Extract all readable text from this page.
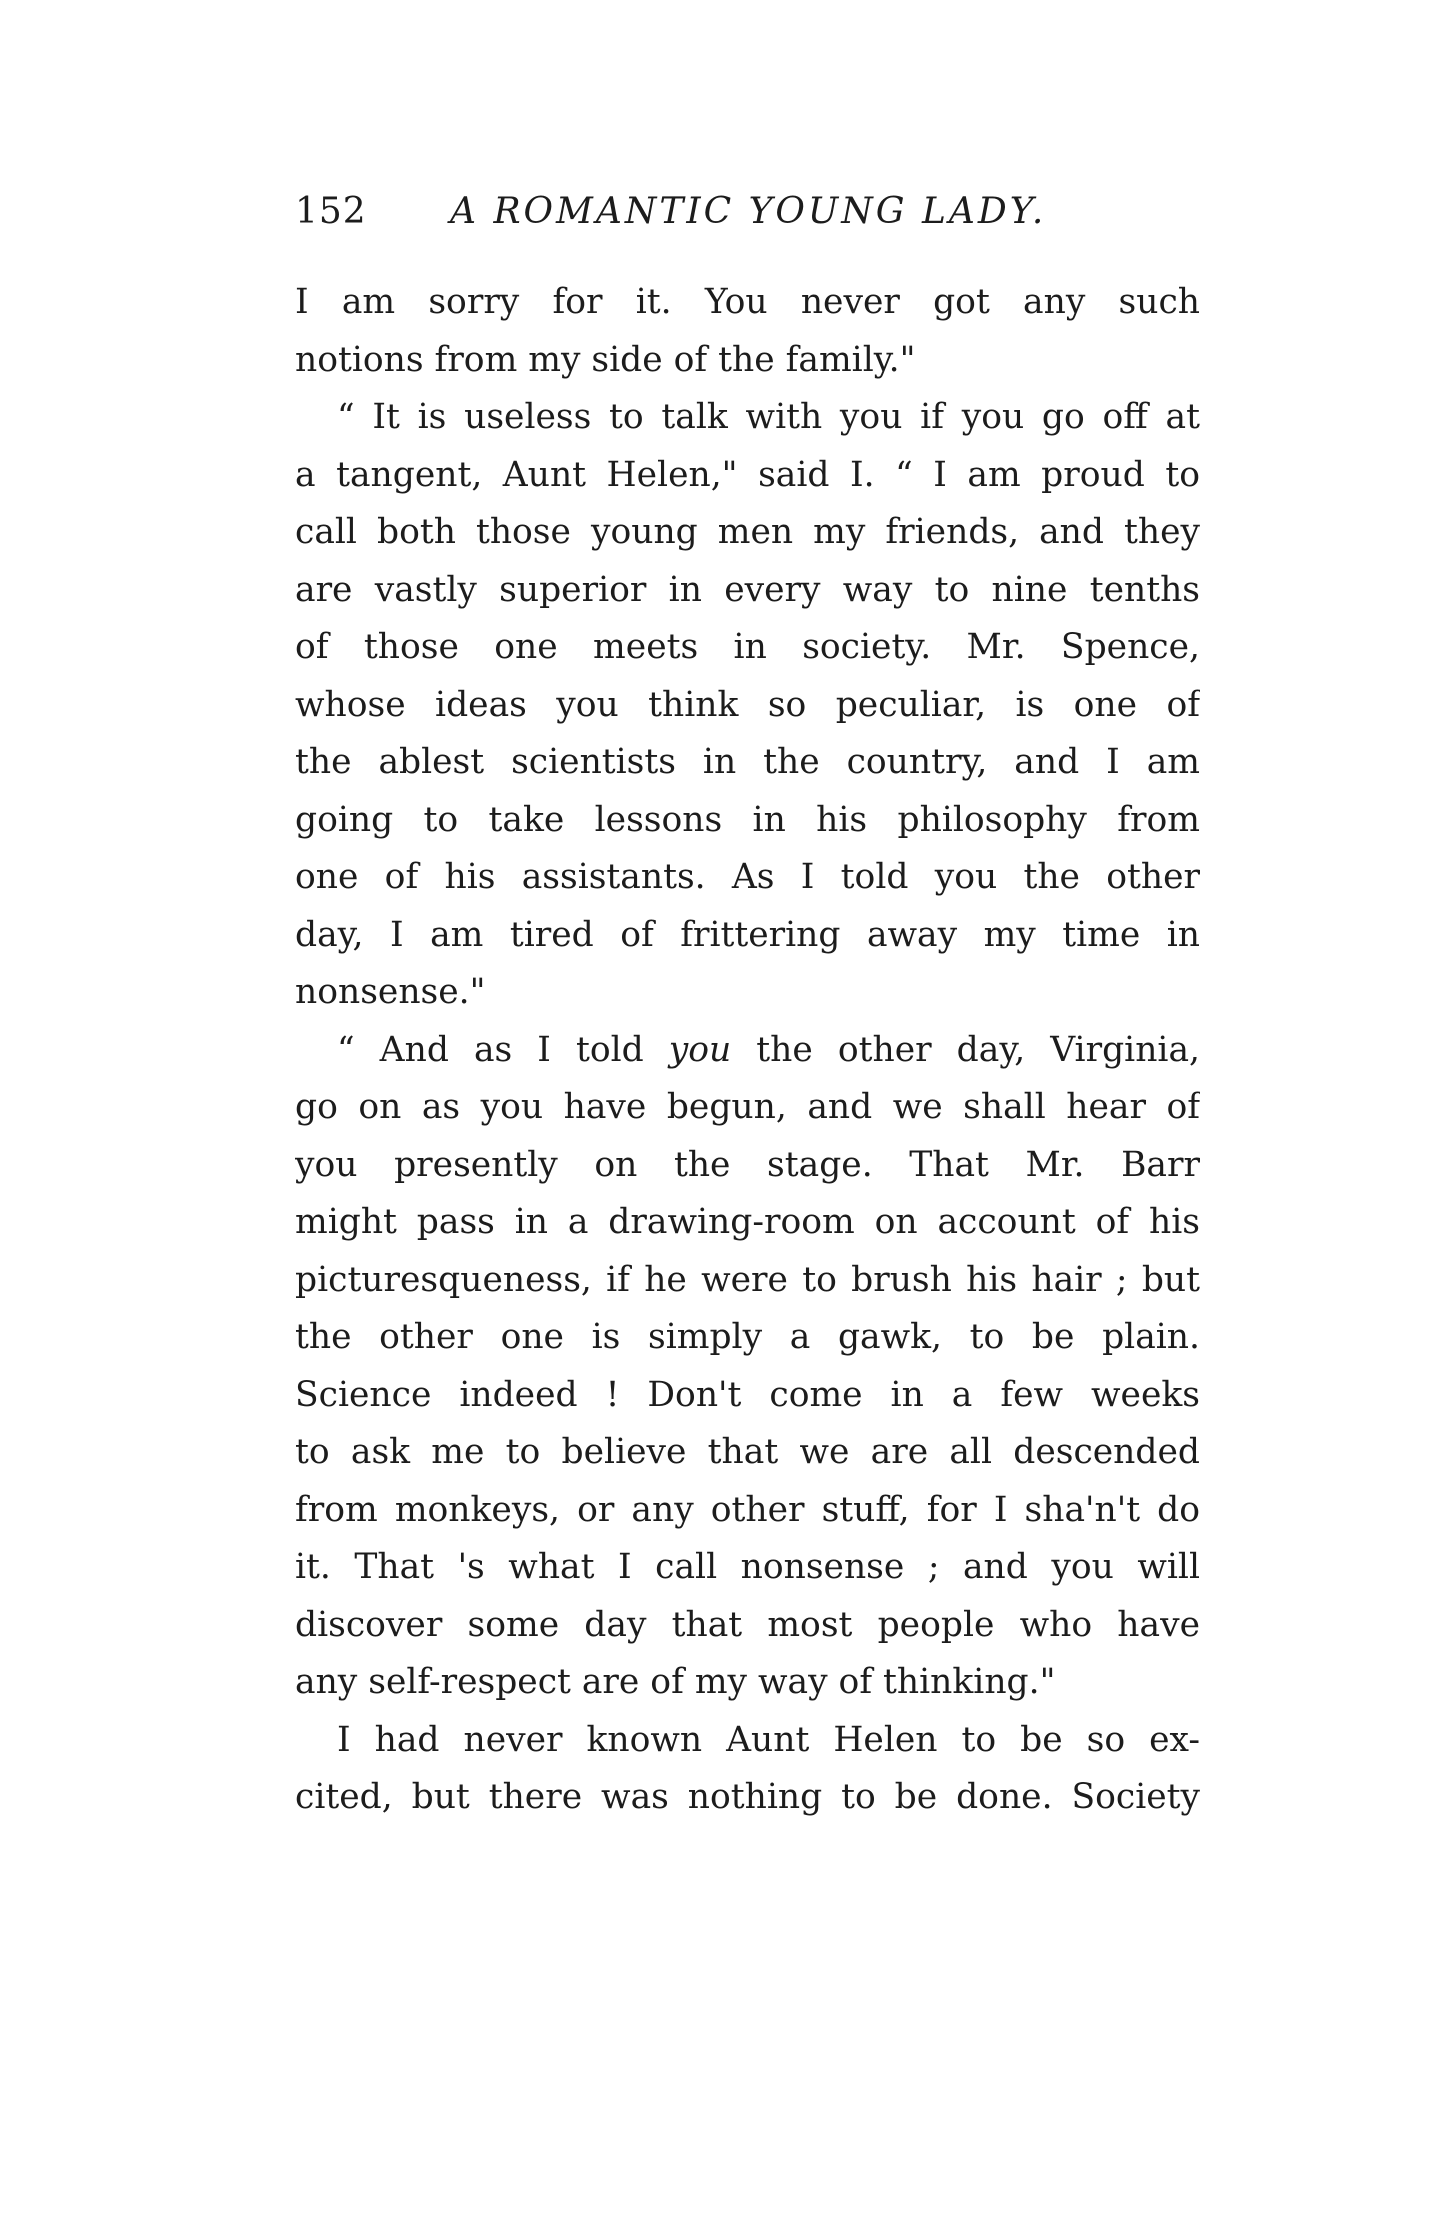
152 A ROMANTIC YOUNG LADY.
I am sorry for it. You never got any such
notions from my side of the family."
“ It is useless to talk with you if you go off at
a tangent, Aunt Helen," said I. “ I am proud to
call both those young men my friends, and they
are vastly superior in every way to nine tenths
of those one meets in society. Mr. Spence,
whose ideas you think so peculiar, is one of
the ablest scientists in the country, and I am
going to take lessons in his philosophy from
one of his assistants. As I told you the other
day, I am tired of frittering away my time in
nonsense."
“ And as I told you the other day, Virginia,
go on as you have begun, and we shall hear of
you presently on the stage. That Mr. Barr
might pass in a drawing-room on account of his
picturesqueness, if he were to brush his hair ; but
the other one is simply a gawk, to be plain.
Science indeed ! Don't come in a few weeks
to ask me to believe that we are all descended
from monkeys, or any other stuff, for I sha'n't do
it. That 's what I call nonsense ; and you will
discover some day that most people who have
any self-respect are of my way of thinking."
I had never known Aunt Helen to be so ex-
cited, but there was nothing to be done. Society
